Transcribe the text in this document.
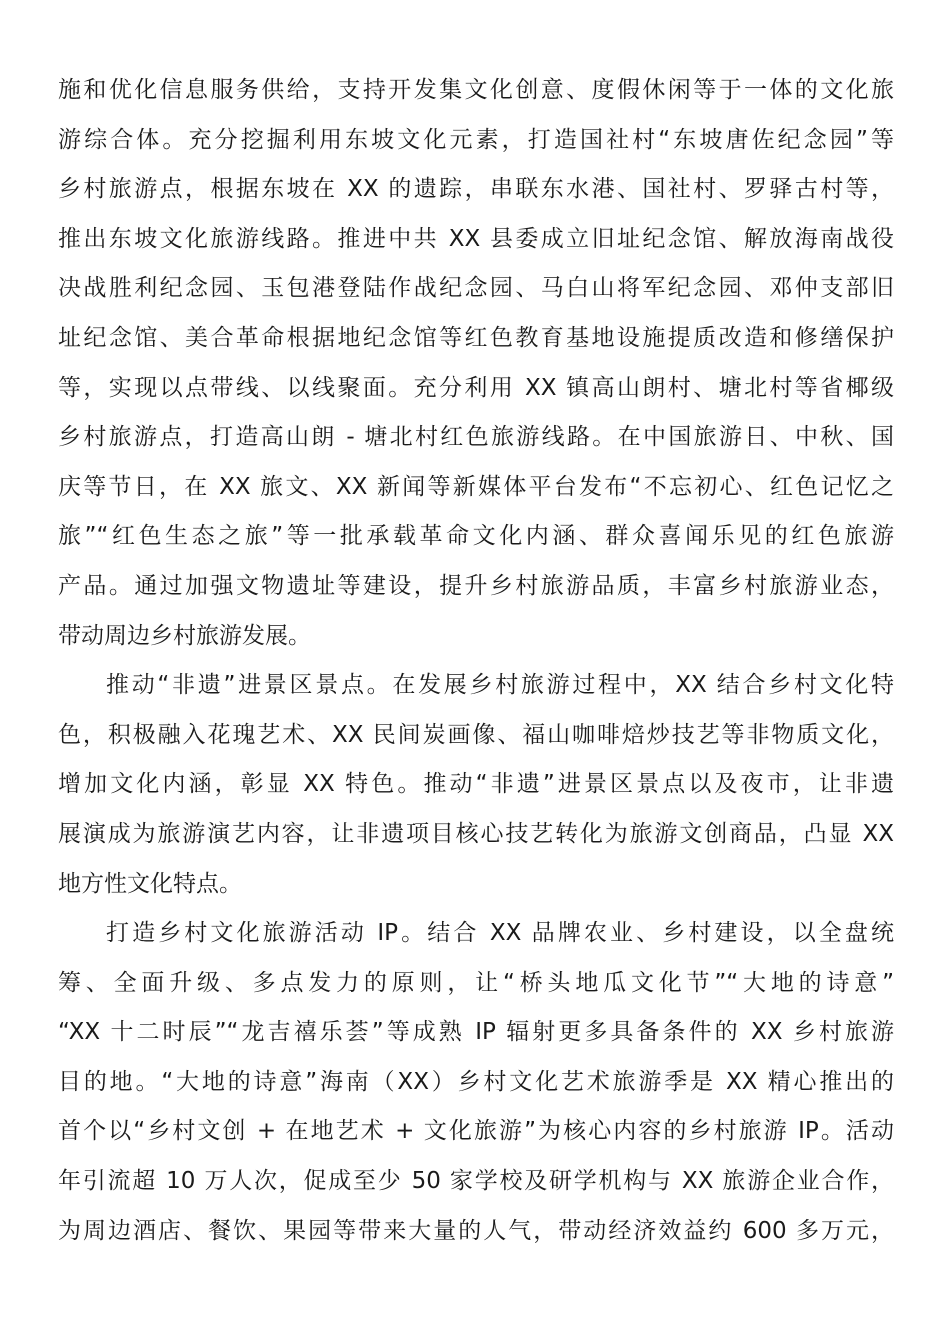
施和优化信息服务供给，支持开发集文化创意、度假休闲等于一体的文化旅
游综合体。充分挖掘利用东坡文化元素，打造国社村“东坡唐佐纪念园”等
乡村旅游点，根据东坡在 XX 的遗踪，串联东水港、国社村、罗驿古村等，
推出东坡文化旅游线路。推进中共 XX 县委成立旧址纪念馆、解放海南战役
决战胜利纪念园、玉包港登陆作战纪念园、马白山将军纪念园、邓仲支部旧
址纪念馆、美合革命根据地纪念馆等红色教育基地设施提质改造和修缮保护
等，实现以点带线、以线聚面。充分利用 XX 镇高山朗村、塘北村等省椰级
乡村旅游点，打造高山朗 - 塘北村红色旅游线路。在中国旅游日、中秋、国
庆等节日，在 XX 旅文、XX 新闻等新媒体平台发布“不忘初心、红色记忆之
旅”“红色生态之旅”等一批承载革命文化内涵、群众喜闻乐见的红色旅游
产品。通过加强文物遗址等建设，提升乡村旅游品质，丰富乡村旅游业态，
带动周边乡村旅游发展。
推动“非遗”进景区景点。在发展乡村旅游过程中，XX 结合乡村文化特
色，积极融入花瑰艺术、XX 民间炭画像、福山咖啡焙炒技艺等非物质文化，
增加文化内涵，彰显 XX 特色。推动“非遗”进景区景点以及夜市，让非遗
展演成为旅游演艺内容，让非遗项目核心技艺转化为旅游文创商品，凸显 XX
地方性文化特点。
打造乡村文化旅游活动 IP。结合 XX 品牌农业、乡村建设，以全盘统
筹、全面升级、多点发力的原则，让“桥头地瓜文化节”“大地的诗意”
“XX 十二时辰”“龙吉禧乐荟”等成熟 IP 辐射更多具备条件的 XX 乡村旅游
目的地。“大地的诗意”海南（XX）乡村文化艺术旅游季是 XX 精心推出的
首个以“乡村文创 + 在地艺术 + 文化旅游”为核心内容的乡村旅游 IP。活动
年引流超 10 万人次，促成至少 50 家学校及研学机构与 XX 旅游企业合作，
为周边酒店、餐饮、果园等带来大量的人气，带动经济效益约 600 多万元，
